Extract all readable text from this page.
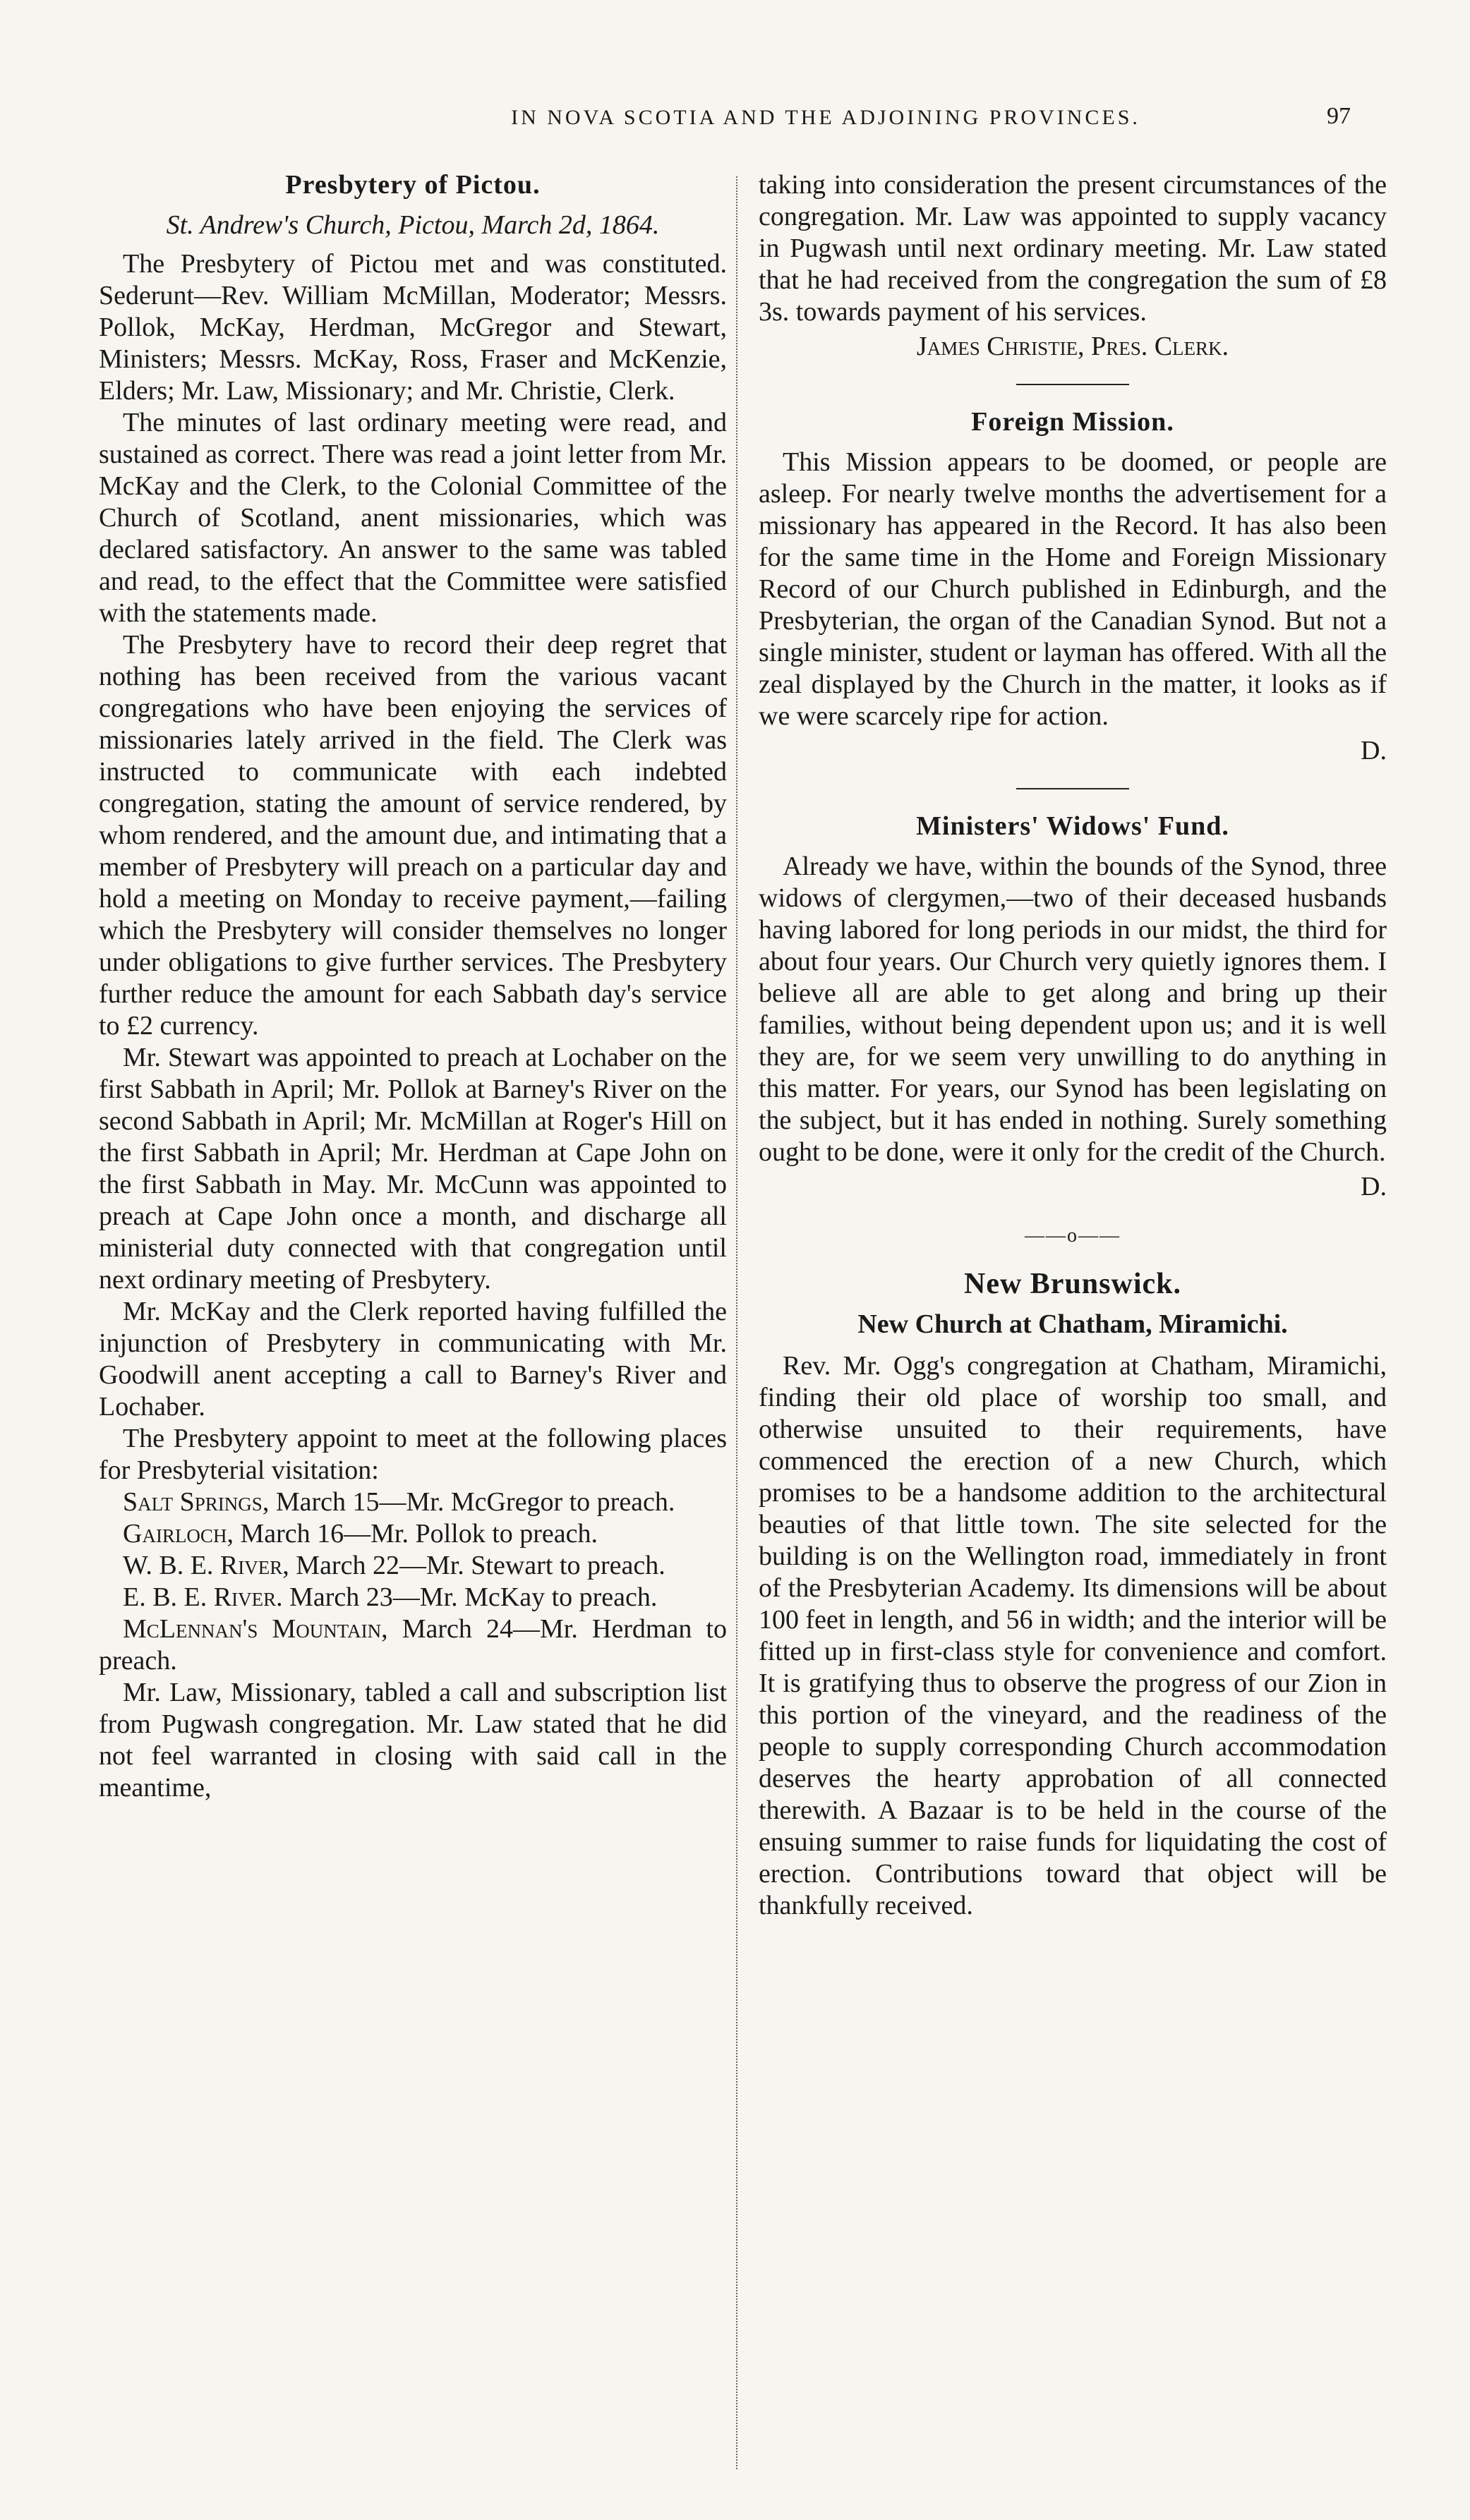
IN NOVA SCOTIA AND THE ADJOINING PROVINCES.	97
Presbytery of Pictou.
St. Andrew's Church, Pictou, March 2d, 1864.

The Presbytery of Pictou met and was constituted. Sederunt—Rev. William McMillan, Moderator; Messrs. Pollok, McKay, Herdman, McGregor and Stewart, Ministers; Messrs. McKay, Ross, Fraser and McKenzie, Elders; Mr. Law, Missionary; and Mr. Christie, Clerk.

The minutes of last ordinary meeting were read, and sustained as correct. There was read a joint letter from Mr. McKay and the Clerk, to the Colonial Committee of the Church of Scotland, anent missionaries, which was declared satisfactory. An answer to the same was tabled and read, to the effect that the Committee were satisfied with the statements made.

The Presbytery have to record their deep regret that nothing has been received from the various vacant congregations who have been enjoying the services of missionaries lately arrived in the field. The Clerk was instructed to communicate with each indebted congregation, stating the amount of service rendered, by whom rendered, and the amount due, and intimating that a member of Presbytery will preach on a particular day and hold a meeting on Monday to receive payment,—failing which the Presbytery will consider themselves no longer under obligations to give further services. The Presbytery further reduce the amount for each Sabbath day's service to £2 currency.

Mr. Stewart was appointed to preach at Lochaber on the first Sabbath in April; Mr. Pollok at Barney's River on the second Sabbath in April; Mr. McMillan at Roger's Hill on the first Sabbath in April; Mr. Herdman at Cape John on the first Sabbath in May. Mr. McCunn was appointed to preach at Cape John once a month, and discharge all ministerial duty connected with that congregation until next ordinary meeting of Presbytery.

Mr. McKay and the Clerk reported having fulfilled the injunction of Presbytery in communicating with Mr. Goodwill anent accepting a call to Barney's River and Lochaber.

The Presbytery appoint to meet at the following places for Presbyterial visitation:

Salt Springs, March 15—Mr. McGregor to preach.

Gairloch, March 16—Mr. Pollok to preach.

W. B. E. River, March 22—Mr. Stewart to preach.

E. B. E. River. March 23—Mr. McKay to preach.

McLennan's Mountain, March 24—Mr. Herdman to preach.

Mr. Law, Missionary, tabled a call and subscription list from Pugwash congregation. Mr. Law stated that he did not feel warranted in closing with said call in the meantime,

taking into consideration the present circumstances of the congregation. Mr. Law was appointed to supply vacancy in Pugwash until next ordinary meeting. Mr. Law stated that he had received from the congregation the sum of £8 3s. towards payment of his services.

James Christie, Pres. Clerk.

Foreign Mission.

This Mission appears to be doomed, or people are asleep. For nearly twelve months the advertisement for a missionary has appeared in the Record. It has also been for the same time in the Home and Foreign Missionary Record of our Church published in Edinburgh, and the Presbyterian, the organ of the Canadian Synod. But not a single minister, student or layman has offered. With all the zeal displayed by the Church in the matter, it looks as if we were scarcely ripe for action.

D.

Ministers' Widows' Fund.

Already we have, within the bounds of the Synod, three widows of clergymen,—two of their deceased husbands having labored for long periods in our midst, the third for about four years. Our Church very quietly ignores them. I believe all are able to get along and bring up their families, without being dependent upon us; and it is well they are, for we seem very unwilling to do anything in this matter. For years, our Synod has been legislating on the subject, but it has ended in nothing. Surely something ought to be done, were it only for the credit of the Church.

D.

——o——
New Brunswick.
New Church at Chatham, Miramichi.

Rev. Mr. Ogg's congregation at Chatham, Miramichi, finding their old place of worship too small, and otherwise unsuited to their requirements, have commenced the erection of a new Church, which promises to be a handsome addition to the architectural beauties of that little town. The site selected for the building is on the Wellington road, immediately in front of the Presbyterian Academy. Its dimensions will be about 100 feet in length, and 56 in width; and the interior will be fitted up in first-class style for convenience and comfort. It is gratifying thus to observe the progress of our Zion in this portion of the vineyard, and the readiness of the people to supply corresponding Church accommodation deserves the hearty approbation of all connected therewith. A Bazaar is to be held in the course of the ensuing summer to raise funds for liquidating the cost of erection. Contributions toward that object will be thankfully received.
